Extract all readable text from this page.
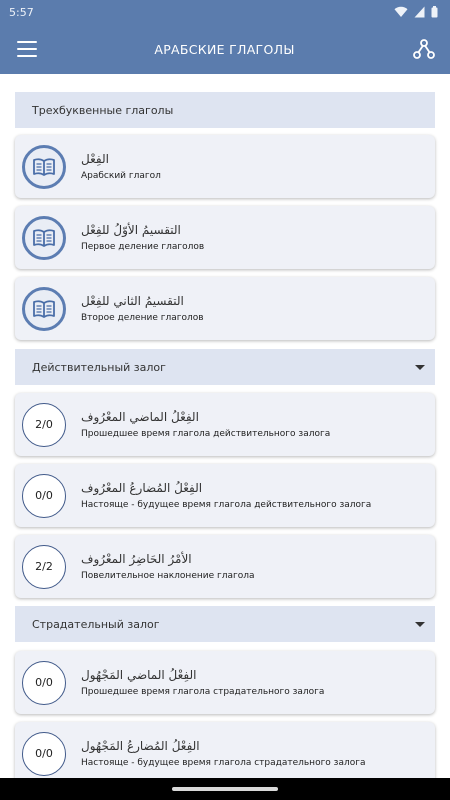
5:57
АРАБСКИЕ ГЛАГОЛЫ
Трехбуквенные глаголы
الفِعْل
Арабский глагол
التقسيمُ الأوّلُ للفِعْل
Первое деление глаголов
التقسيمُ الثاني للفِعْل
Второе деление глаголов
Действительный залог
2/0
الفِعْلُ الماضي المعْرُوف
Прошедшее время глагола действительного залога
0/0
الفِعْلُ المُضارعُ المعْرُوف
Настояще - будущее время глагола действительного залога
2/2
الأمْرُ الحَاضِرُ المعْرُوف
Повелительное наклонение глагола
Страдательный залог
0/0
الفِعْلُ الماضي المَجْهُول
Прошедшее время глагола страдательного залога
0/0
الفِعْلُ المُضارعُ المَجْهُول
Настояще - будущее время глагола страдательного залога
